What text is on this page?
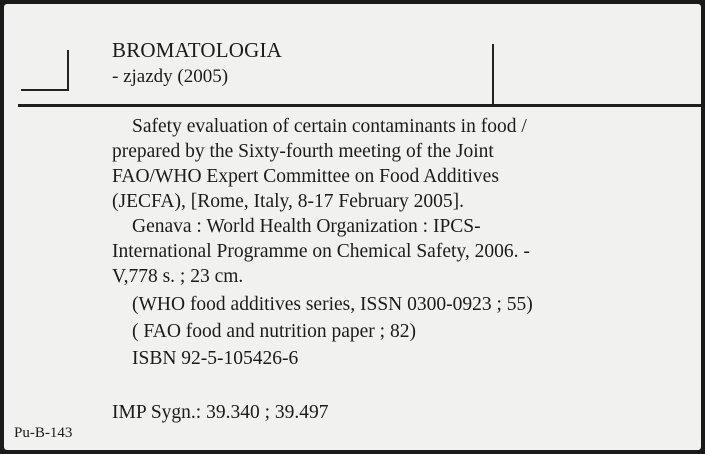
BROMATOLOGIA
- zjazdy (2005)
Safety evaluation of certain contaminants in food /
prepared by the Sixty-fourth meeting of the Joint
FAO/WHO Expert Committee on Food Additives
(JECFA), [Rome, Italy, 8-17 February 2005].
Genava : World Health Organization : IPCS-
International Programme on Chemical Safety, 2006. -
V,778 s. ; 23 cm.
(WHO food additives series, ISSN 0300-0923 ; 55)
( FAO food and nutrition paper ; 82)
ISBN 92-5-105426-6
IMP Sygn.: 39.340 ; 39.497
Pu-B-143
